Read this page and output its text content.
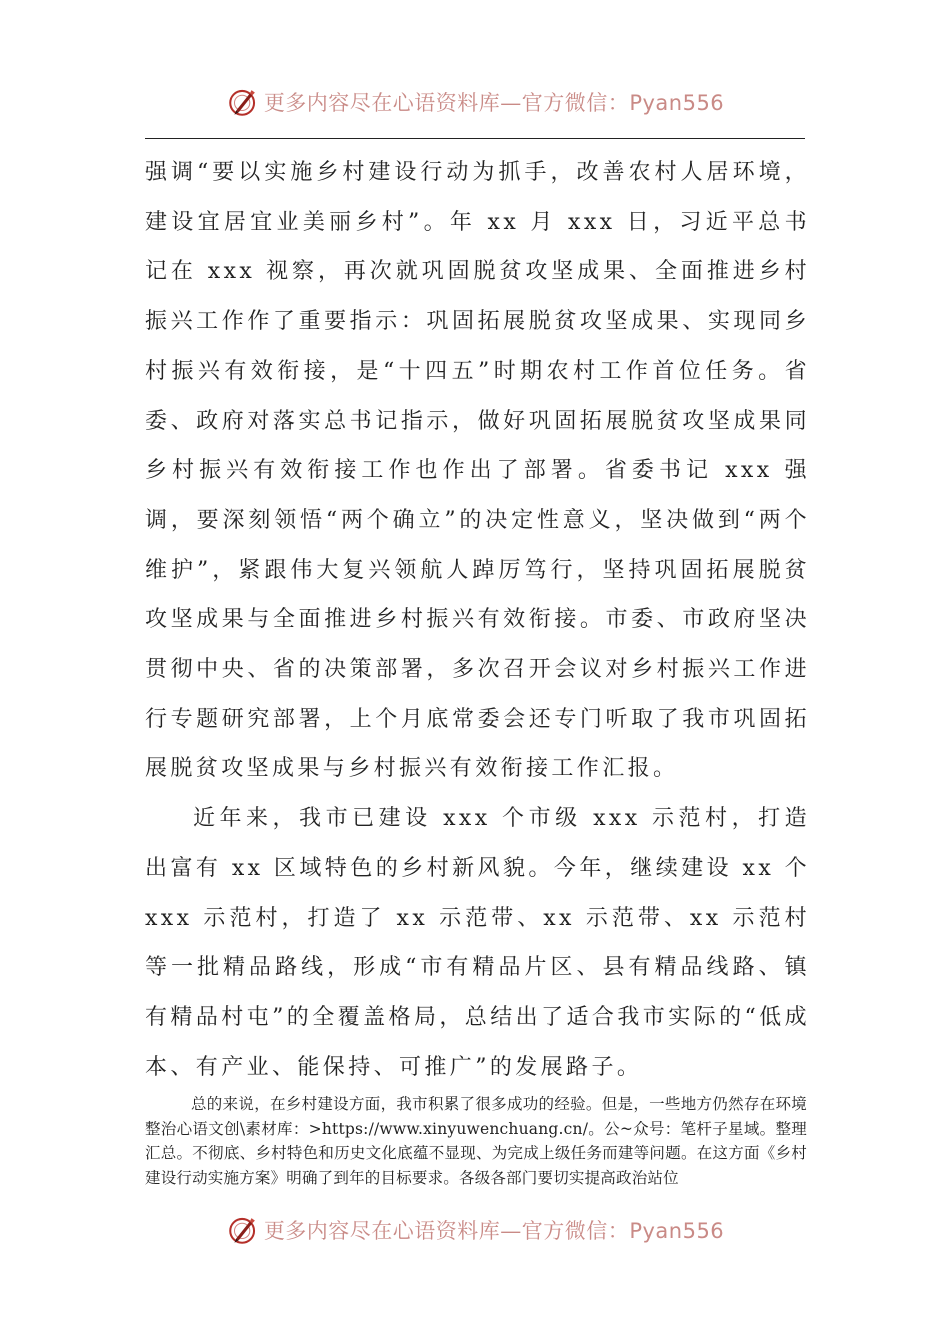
更多内容尽在心语资料库—官方微信：Pyan556

强调“要以实施乡村建设行动为抓手，改善农村人居环境，建设宜居宜业美丽乡村”。年 xx 月 xxx 日，习近平总书记在 xxx 视察，再次就巩固脱贫攻坚成果、全面推进乡村振兴工作作了重要指示：巩固拓展脱贫攻坚成果、实现同乡村振兴有效衔接，是“十四五”时期农村工作首位任务。省委、政府对落实总书记指示，做好巩固拓展脱贫攻坚成果同乡村振兴有效衔接工作也作出了部署。省委书记 xxx 强调，要深刻领悟“两个确立”的决定性意义，坚决做到“两个维护”，紧跟伟大复兴领航人踔厉笃行，坚持巩固拓展脱贫攻坚成果与全面推进乡村振兴有效衔接。市委、市政府坚决贯彻中央、省的决策部署，多次召开会议对乡村振兴工作进行专题研究部署，上个月底常委会还专门听取了我市巩固拓展脱贫攻坚成果与乡村振兴有效衔接工作汇报。

近年来，我市已建设 xxx 个市级 xxx 示范村，打造出富有 xx 区域特色的乡村新风貌。今年，继续建设 xx 个 xxx 示范村，打造了 xx 示范带、xx 示范带、xx 示范村等一批精品路线，形成“市有精品片区、县有精品线路、镇有精品村屯”的全覆盖格局，总结出了适合我市实际的“低成本、有产业、能保持、可推广”的发展路子。

总的来说，在乡村建设方面，我市积累了很多成功的经验。但是，一些地方仍然存在环境整治心语文创\素材库：>https://www.xinyuwenchuang.cn/。公~众号：笔杆子星域。整理汇总。不彻底、乡村特色和历史文化底蕴不显现、为完成上级任务而建等问题。在这方面《乡村建设行动实施方案》明确了到年的目标要求。各级各部门要切实提高政治站位

更多内容尽在心语资料库—官方微信：Pyan556
